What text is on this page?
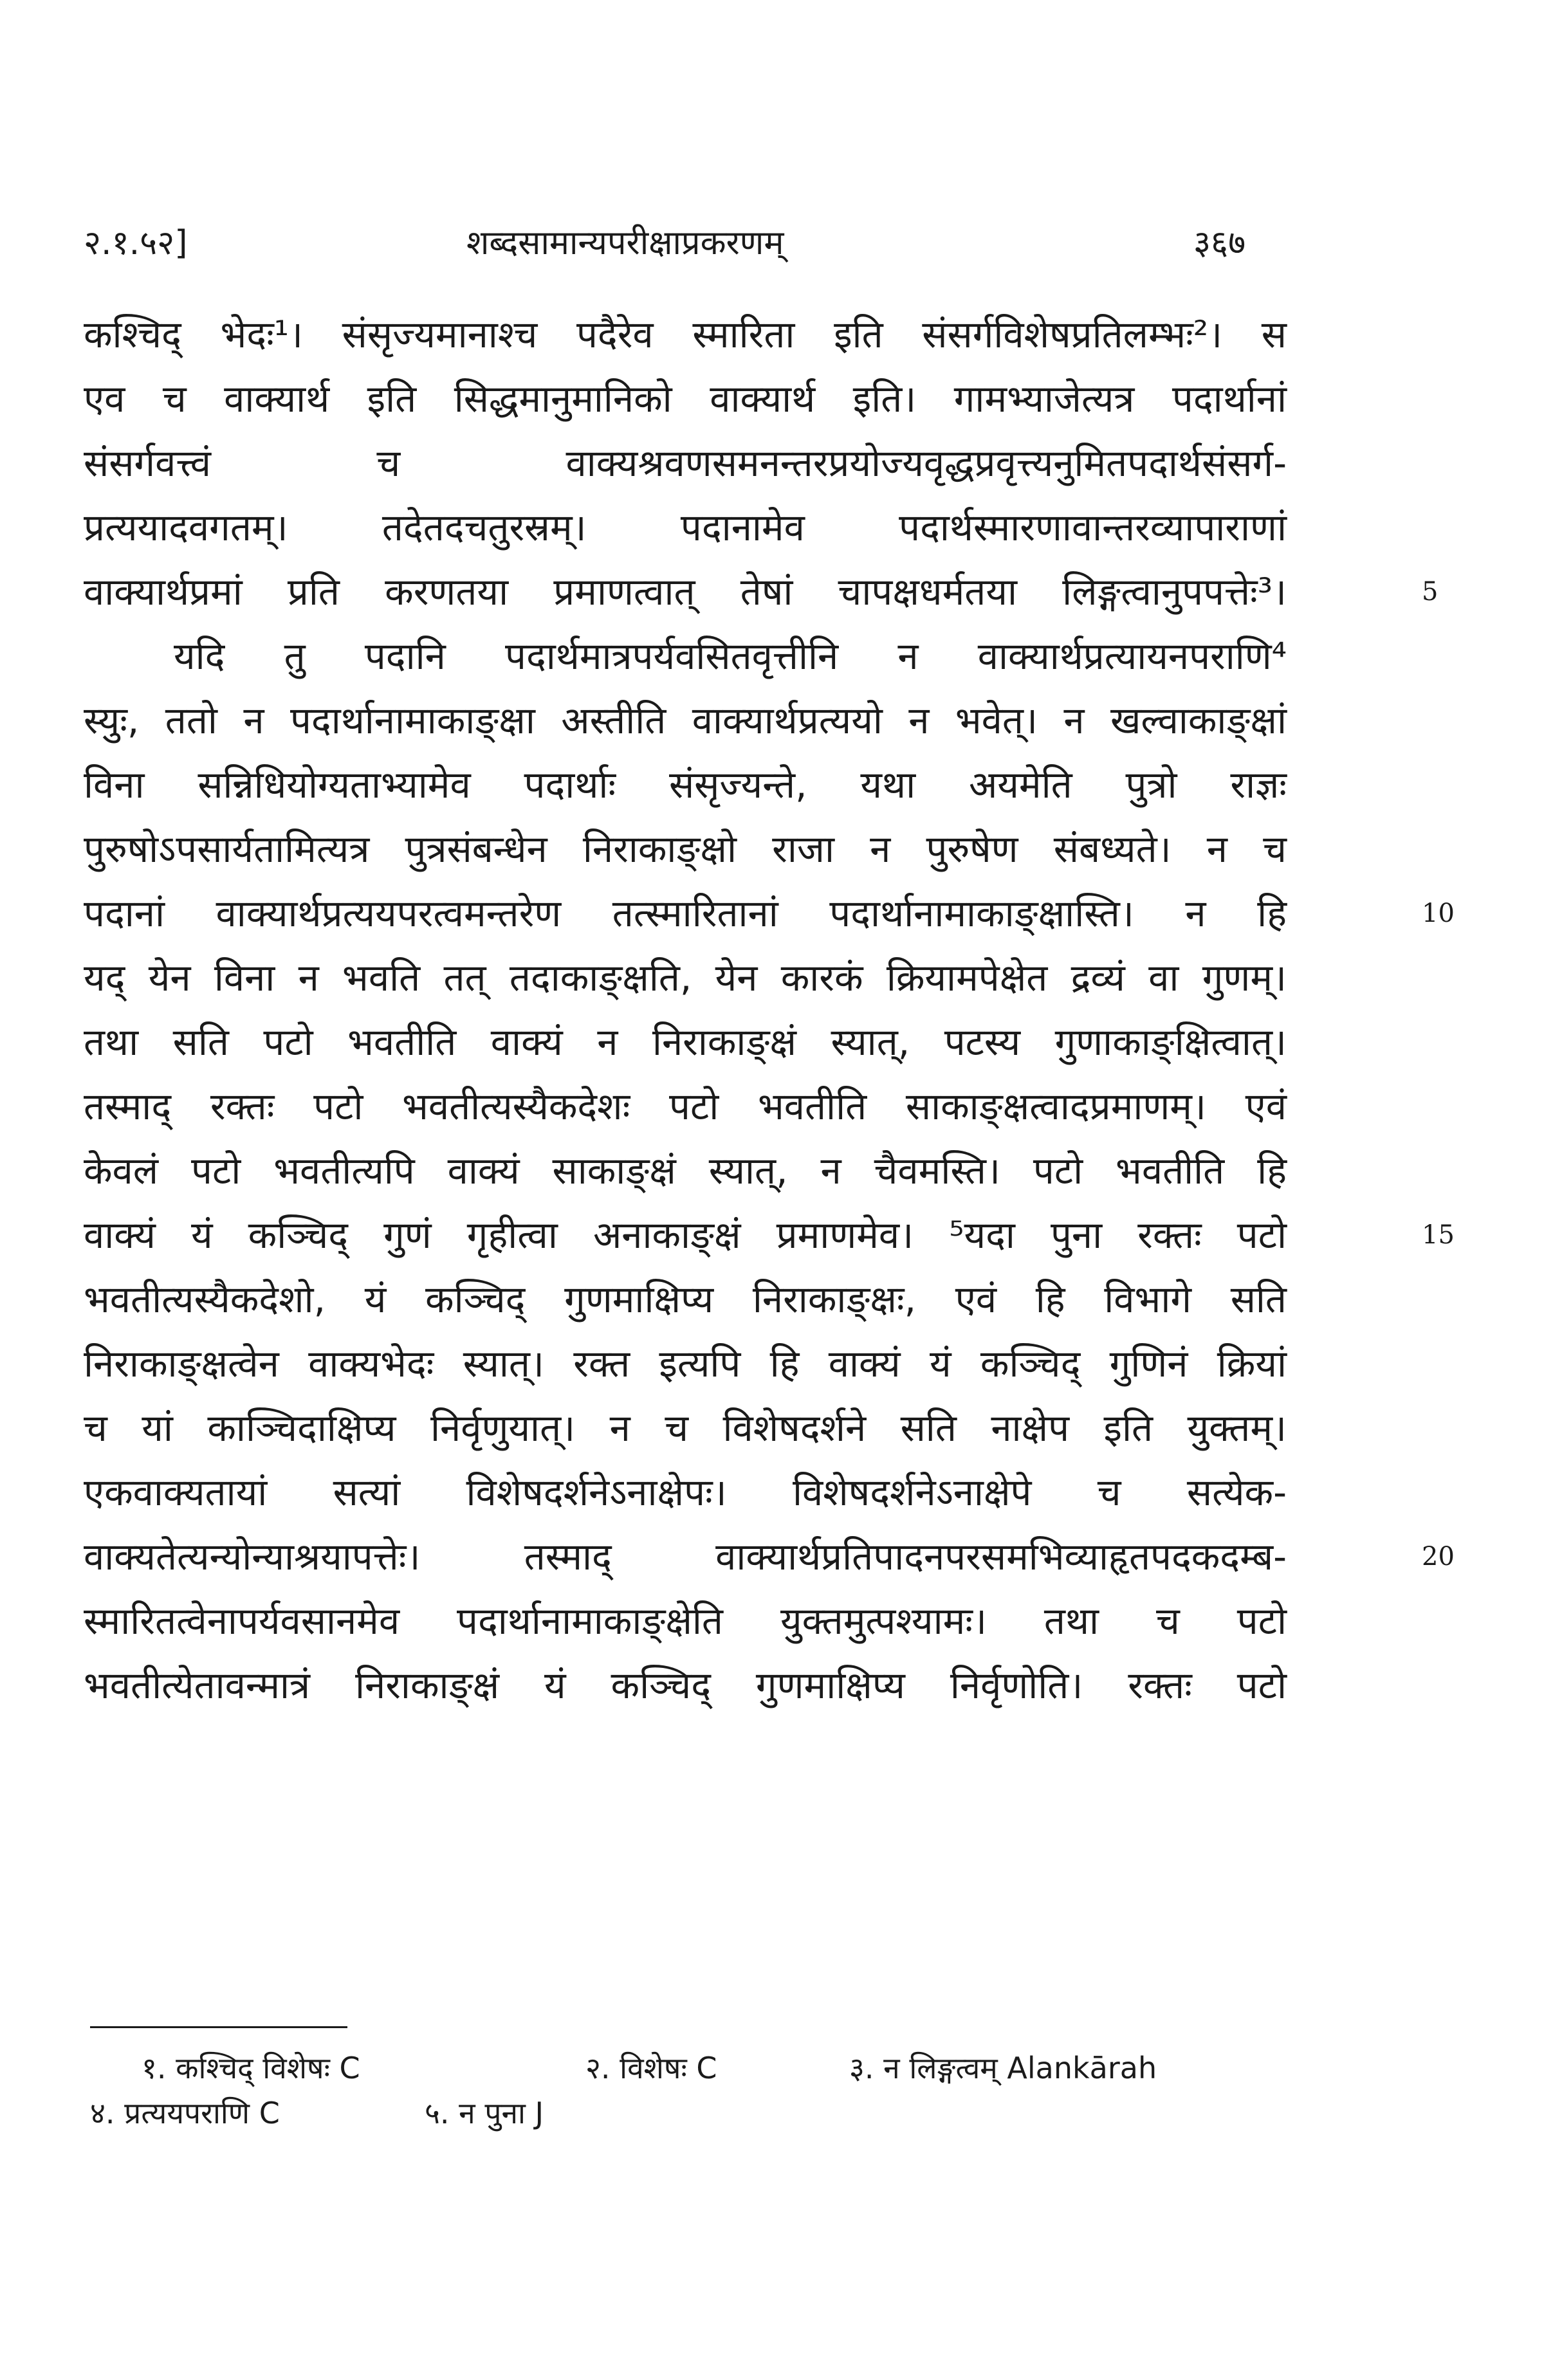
२.१.५२]	शब्दसामान्यपरीक्षाप्रकरणम्	३६७
कश्चिद् भेदः¹। संसृज्यमानाश्च पदैरेव स्मारिता इति संसर्गविशेषप्रतिलम्भः²। स
एव च वाक्यार्थ इति सिद्धमानुमानिको वाक्यार्थ इति। गामभ्याजेत्यत्र पदार्थानां
संसर्गवत्त्वं च वाक्यश्रवणसमनन्तरप्रयोज्यवृद्धप्रवृत्त्यनुमितपदार्थसंसर्ग-
प्रत्ययादवगतम्। तदेतदचतुरस्रम्। पदानामेव पदार्थस्मारणावान्तरव्यापाराणां
वाक्यार्थप्रमां प्रति करणतया प्रमाणत्वात् तेषां चापक्षधर्मतया लिङ्गत्वानुपपत्तेः³।	5
यदि तु पदानि पदार्थमात्रपर्यवसितवृत्तीनि न वाक्यार्थप्रत्यायनपराणि⁴
स्युः, ततो न पदार्थानामाकाङ्क्षा अस्तीति वाक्यार्थप्रत्ययो न भवेत्। न खल्वाकाङ्क्षां
विना सन्निधियोग्यताभ्यामेव पदार्थाः संसृज्यन्ते, यथा अयमेति पुत्रो राज्ञः
पुरुषोऽपसार्यतामित्यत्र पुत्रसंबन्धेन निराकाङ्क्षो राजा न पुरुषेण संबध्यते। न च
पदानां वाक्यार्थप्रत्ययपरत्वमन्तरेण तत्स्मारितानां पदार्थानामाकाङ्क्षास्ति। न हि	10
यद् येन विना न भवति तत् तदाकाङ्क्षति, येन कारकं क्रियामपेक्षेत द्रव्यं वा गुणम्।
तथा सति पटो भवतीति वाक्यं न निराकाङ्क्षं स्यात्, पटस्य गुणाकाङ्क्षित्वात्।
तस्माद् रक्तः पटो भवतीत्यस्यैकदेशः पटो भवतीति साकाङ्क्षत्वादप्रमाणम्। एवं
केवलं पटो भवतीत्यपि वाक्यं साकाङ्क्षं स्यात्, न चैवमस्ति। पटो भवतीति हि
वाक्यं यं कञ्चिद् गुणं गृहीत्वा अनाकाङ्क्षं प्रमाणमेव। ⁵यदा पुना रक्तः पटो	15
भवतीत्यस्यैकदेशो, यं कञ्चिद् गुणमाक्षिप्य निराकाङ्क्षः, एवं हि विभागे सति
निराकाङ्क्षत्वेन वाक्यभेदः स्यात्। रक्त इत्यपि हि वाक्यं यं कञ्चिद् गुणिनं क्रियां
च यां काञ्चिदाक्षिप्य निर्वृणुयात्। न च विशेषदर्शने सति नाक्षेप इति युक्तम्।
एकवाक्यतायां सत्यां विशेषदर्शनेऽनाक्षेपः। विशेषदर्शनेऽनाक्षेपे च सत्येक-
वाक्यतेत्यन्योन्याश्रयापत्तेः। तस्माद् वाक्यार्थप्रतिपादनपरसमभिव्याहृतपदकदम्ब-	20
स्मारितत्वेनापर्यवसानमेव पदार्थानामाकाङ्क्षेति युक्तमुत्पश्यामः। तथा च पटो
भवतीत्येतावन्मात्रं निराकाङ्क्षं यं कञ्चिद् गुणमाक्षिप्य निर्वृणोति। रक्तः पटो
१. कश्चिद् विशेषः C	२. विशेषः C	३. न लिङ्गत्वम् Alankārah
४. प्रत्ययपराणि C	५. न पुना J
